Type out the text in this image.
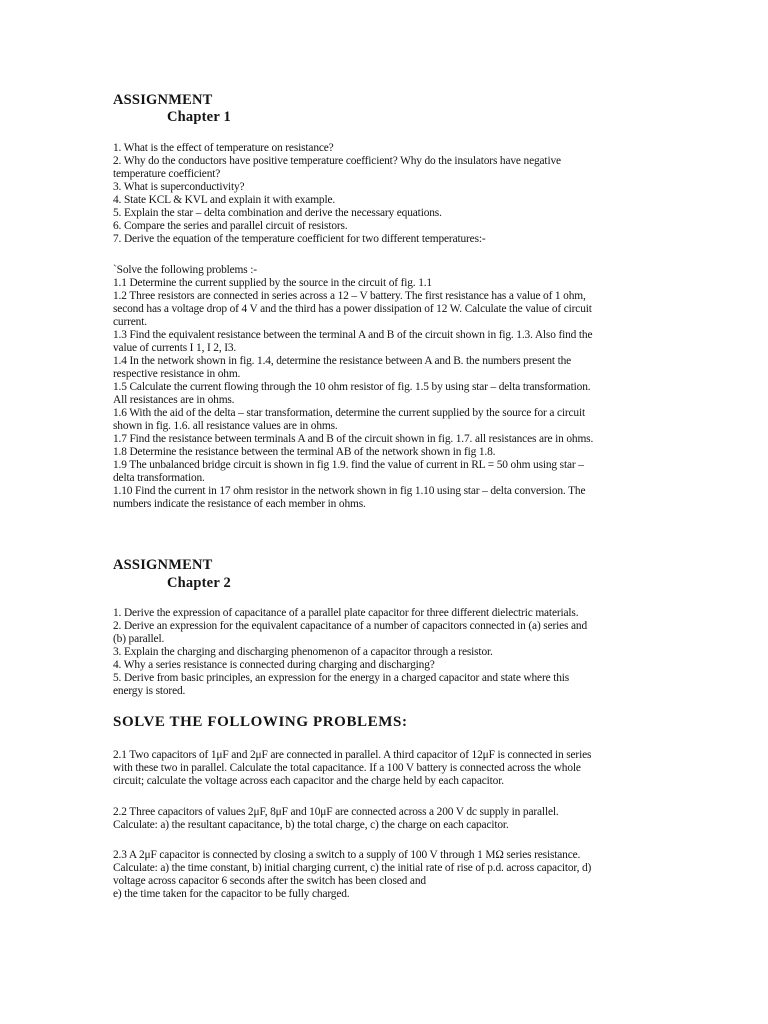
ASSIGNMENT
Chapter 1

1. What is the effect of temperature on resistance?

2. Why do the conductors have positive temperature coefficient? Why do the insulators have negative

temperature coefficient?

3. What is superconductivity?

4. State KCL & KVL and explain it with example.

5. Explain the star – delta combination and derive the necessary equations.

6. Compare the series and parallel circuit of resistors.

7. Derive the equation of the temperature coefficient for two different temperatures:-

`Solve the following problems :-

1.1 Determine the current supplied by the source in the circuit of fig. 1.1

1.2 Three resistors are connected in series across a 12 – V battery. The first resistance has a value of 1 ohm,

second has a voltage drop of 4 V and the third has a power dissipation of 12 W. Calculate the value of circuit

current.

1.3 Find the equivalent resistance between the terminal A and B of the circuit shown in fig. 1.3. Also find the

value of currents I 1, I 2, I3.

1.4 In the network shown in fig. 1.4, determine the resistance between A and B. the numbers present the

respective resistance in ohm.

1.5 Calculate the current flowing through the 10 ohm resistor of fig. 1.5 by using star – delta transformation.

All resistances are in ohms.

1.6 With the aid of the delta – star transformation, determine the current supplied by the source for a circuit

shown in fig. 1.6. all resistance values are in ohms.

1.7 Find the resistance between terminals A and B of the circuit shown in fig. 1.7. all resistances are in ohms.

1.8 Determine the resistance between the terminal AB of the network shown in fig 1.8.

1.9 The unbalanced bridge circuit is shown in fig 1.9. find the value of current in RL = 50 ohm using star –

delta transformation.

1.10 Find the current in 17 ohm resistor in the network shown in fig 1.10 using star – delta conversion. The

numbers indicate the resistance of each member in ohms.

ASSIGNMENT
Chapter 2

1. Derive the expression of capacitance of a parallel plate capacitor for three different dielectric materials.

2. Derive an expression for the equivalent capacitance of a number of capacitors connected in (a) series and

(b) parallel.

3. Explain the charging and discharging phenomenon of a capacitor through a resistor.

4. Why a series resistance is connected during charging and discharging?

5. Derive from basic principles, an expression for the energy in a charged capacitor and state where this

energy is stored.

SOLVE THE FOLLOWING PROBLEMS:

2.1 Two capacitors of 1μF and 2μF are connected in parallel. A third capacitor of 12μF is connected in series

with these two in parallel. Calculate the total capacitance. If a 100 V battery is connected across the whole

circuit; calculate the voltage across each capacitor and the charge held by each capacitor.

2.2 Three capacitors of values 2μF, 8μF and 10μF are connected across a 200 V dc supply in parallel.

Calculate: a) the resultant capacitance, b) the total charge, c) the charge on each capacitor.

2.3 A 2μF capacitor is connected by closing a switch to a supply of 100 V through 1 MΩ series resistance.

Calculate: a) the time constant, b) initial charging current, c) the initial rate of rise of p.d. across capacitor, d)

voltage across capacitor 6 seconds after the switch has been closed and

e) the time taken for the capacitor to be fully charged.
